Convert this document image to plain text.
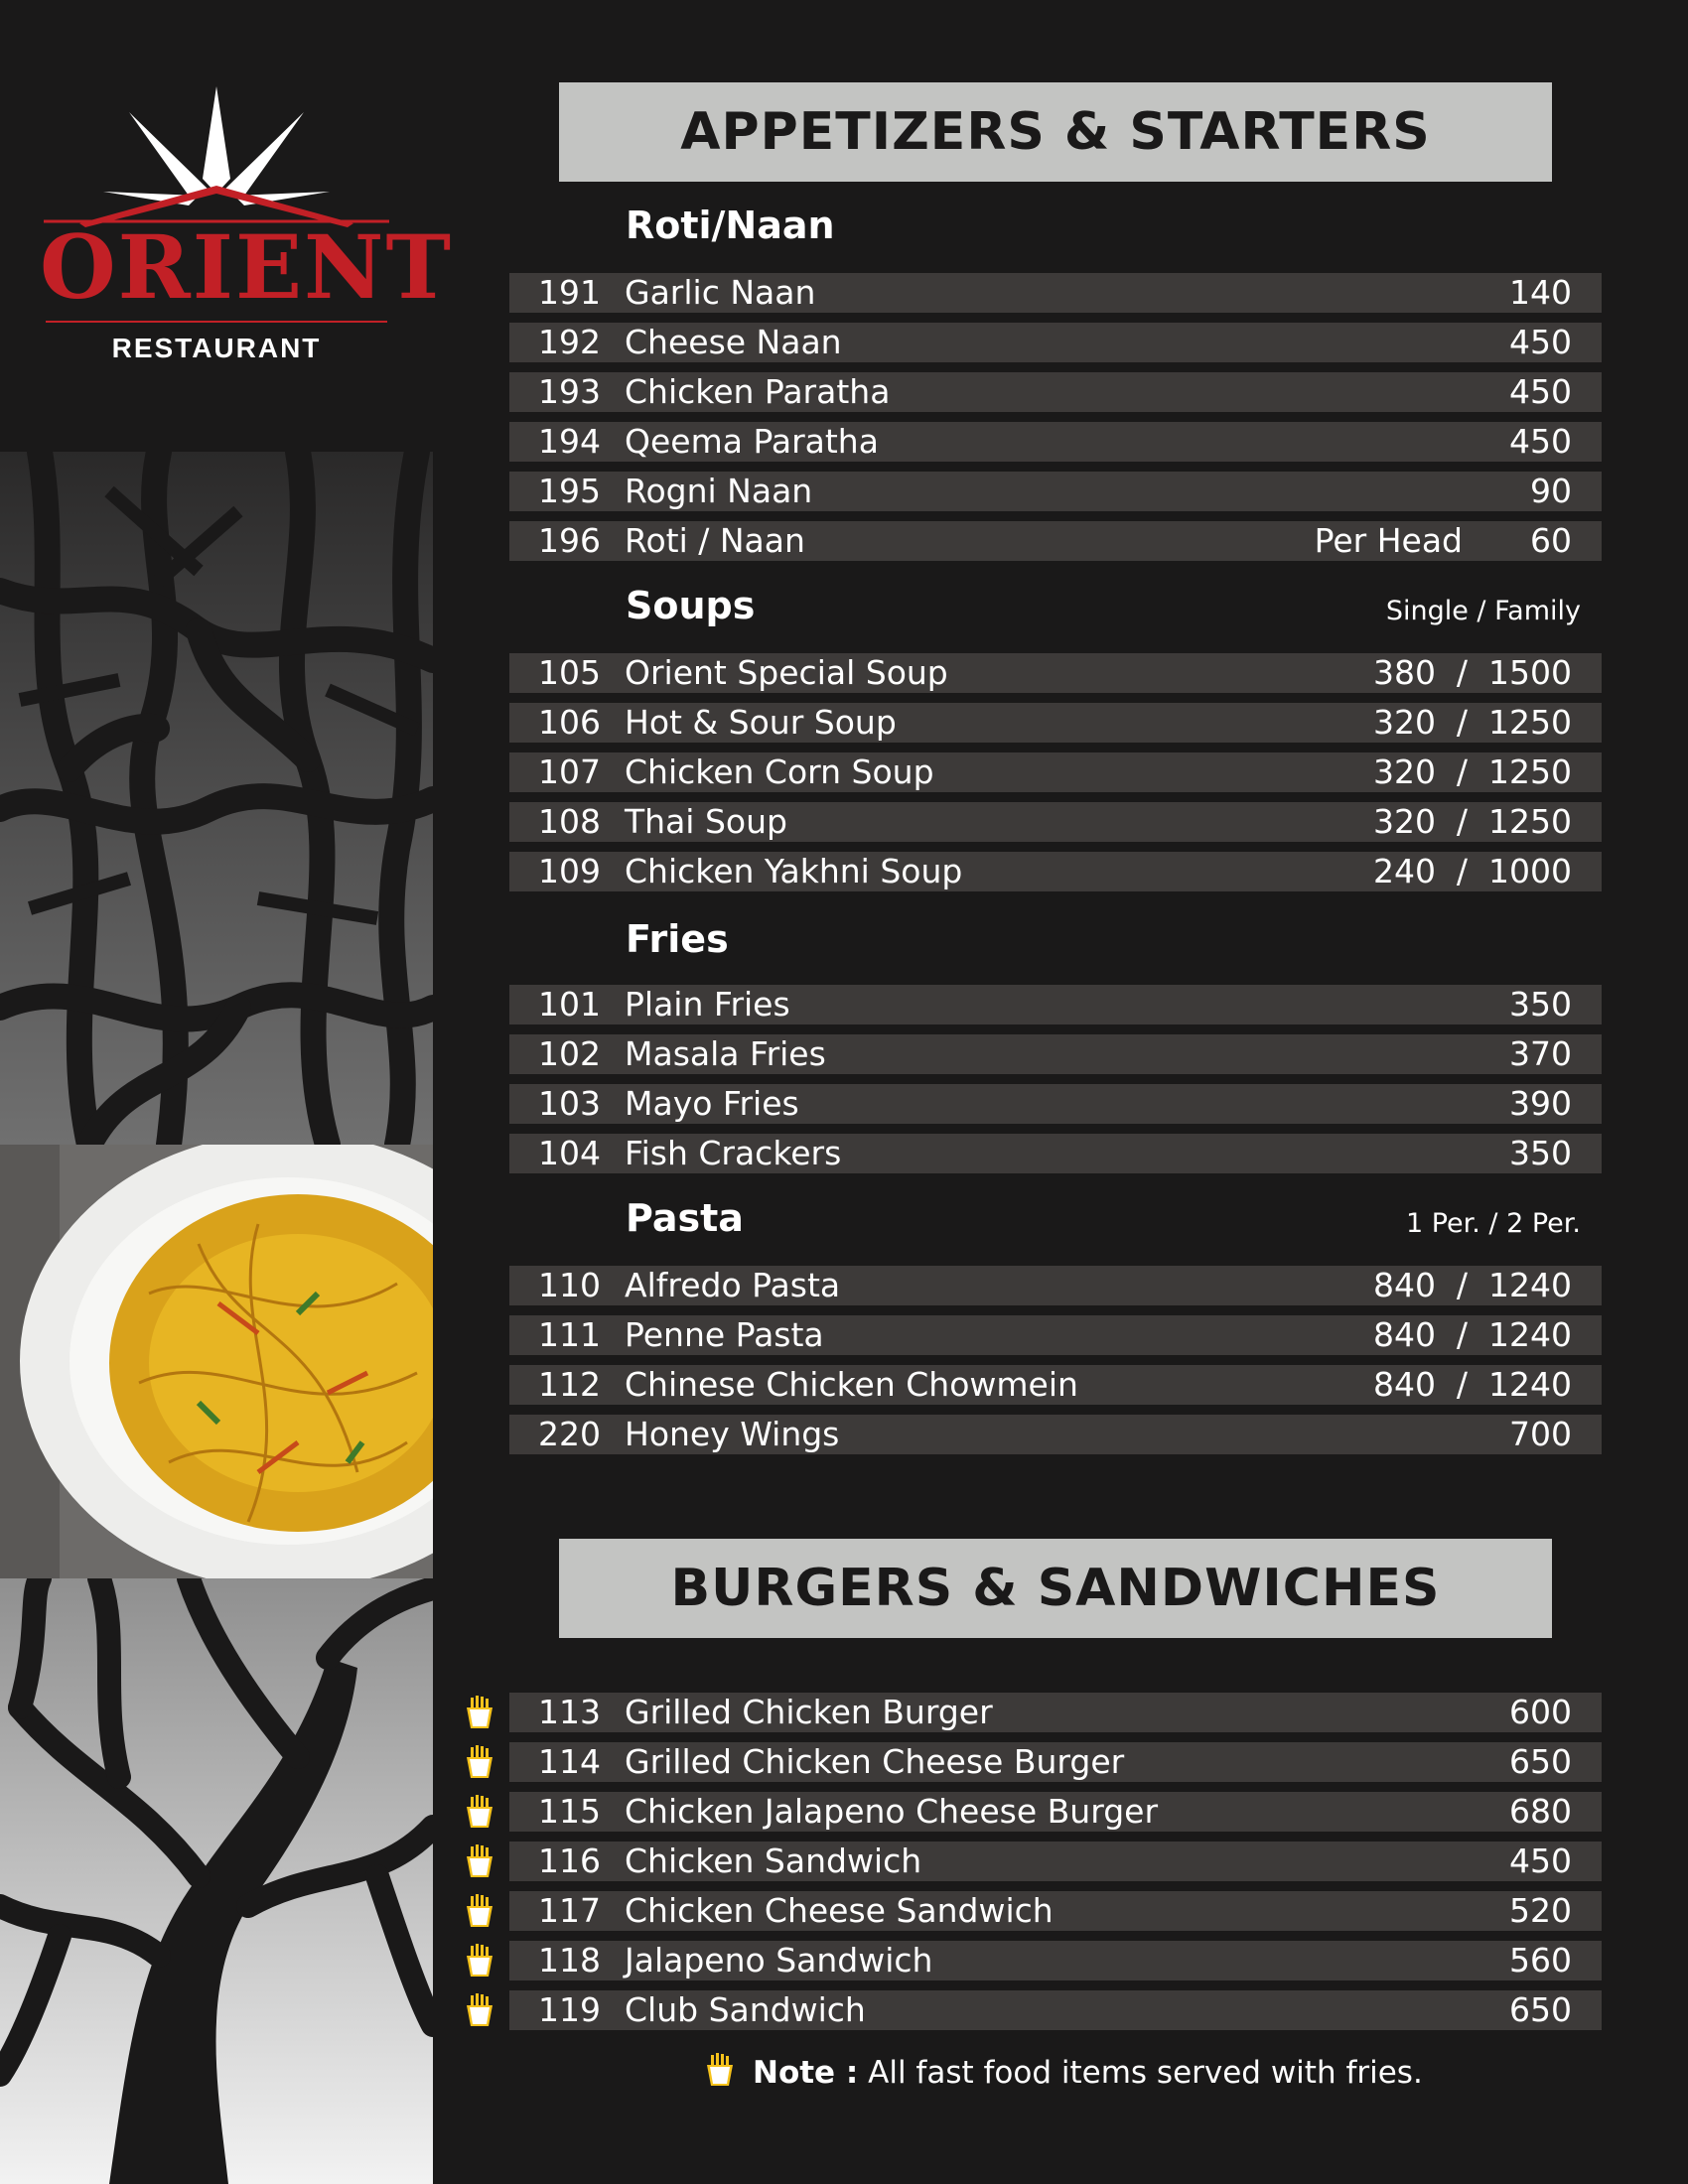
ORIENT
RESTAURANT
APPETIZERS & STARTERS
Roti/Naan
191 Garlic Naan	140
192 Cheese Naan	450
193 Chicken Paratha	450
194 Qeema Paratha	450
195 Rogni Naan	90
196 Roti / Naan	Per Head 60
Soups	Single / Family
105 Orient Special Soup	380  /  1500
106 Hot & Sour Soup	320  /  1250
107 Chicken Corn Soup	320  /  1250
108 Thai Soup	320  /  1250
109 Chicken Yakhni Soup	240  /  1000
Fries
101 Plain Fries	350
102 Masala Fries	370
103 Mayo Fries	390
104 Fish Crackers	350
Pasta	1 Per. / 2 Per.
110 Alfredo Pasta	840  /  1240
111 Penne Pasta	840  /  1240
112 Chinese Chicken Chowmein	840  /  1240
220 Honey Wings	700
BURGERS & SANDWICHES
113 Grilled Chicken Burger	600
114 Grilled Chicken Cheese Burger	650
115 Chicken Jalapeno Cheese Burger	680
116 Chicken Sandwich	450
117 Chicken Cheese Sandwich	520
118 Jalapeno Sandwich	560
119 Club Sandwich	650
Note : All fast food items served with fries.
